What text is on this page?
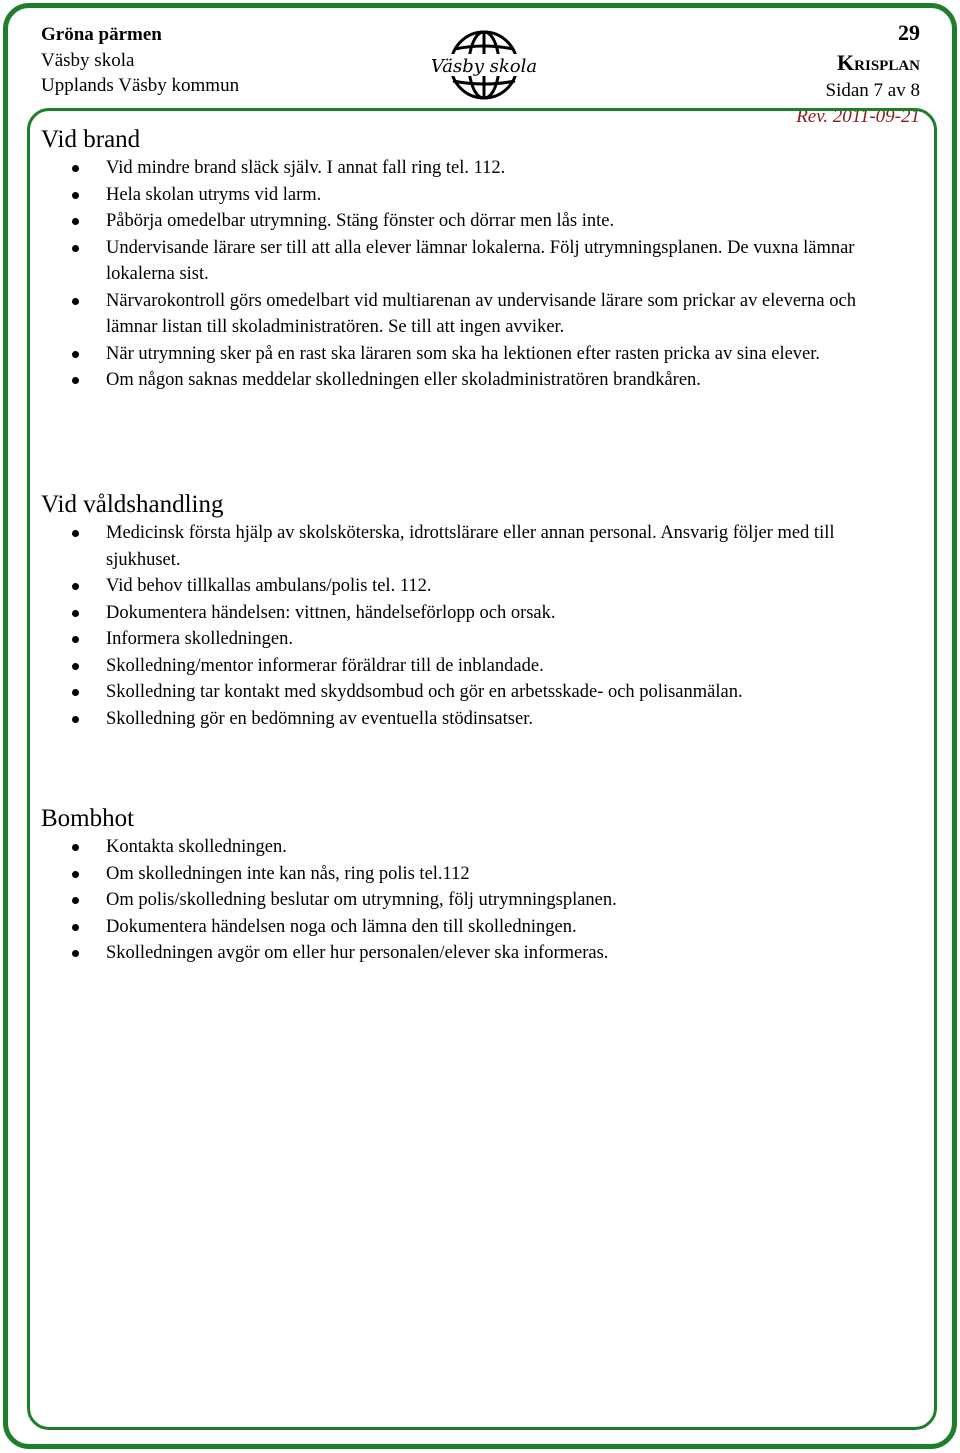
Gröna pärmen
Väsby skola
Upplands Väsby kommun
Väsby skola
29
Krisplan
Sidan 7 av 8
Rev. 2011-09-21
Vid brand
Vid mindre brand släck själv. I annat fall ring tel. 112.
Hela skolan utryms vid larm.
Påbörja omedelbar utrymning. Stäng fönster och dörrar men lås inte.
Undervisande lärare ser till att alla elever lämnar lokalerna. Följ utrymningsplanen. De vuxna lämnar lokalerna sist.
Närvarokontroll görs omedelbart vid multiarenan av undervisande lärare som prickar av eleverna och lämnar listan till skoladministratören. Se till att ingen avviker.
När utrymning sker på en rast ska läraren som ska ha lektionen efter rasten pricka av sina elever.
Om någon saknas meddelar skolledningen eller skoladministratören brandkåren.
Vid våldshandling
Medicinsk första hjälp av skolsköterska, idrottslärare eller annan personal. Ansvarig följer med till sjukhuset.
Vid behov tillkallas ambulans/polis tel. 112.
Dokumentera händelsen: vittnen, händelseförlopp och orsak.
Informera skolledningen.
Skolledning/mentor informerar föräldrar till de inblandade.
Skolledning tar kontakt med skyddsombud och gör en arbetsskade- och polisanmälan.
Skolledning gör en bedömning av eventuella stödinsatser.
Bombhot
Kontakta skolledningen.
Om skolledningen inte kan nås, ring polis tel.112
Om polis/skolledning beslutar om utrymning, följ utrymningsplanen.
Dokumentera händelsen noga och lämna den till skolledningen.
Skolledningen avgör om eller hur personalen/elever ska informeras.
